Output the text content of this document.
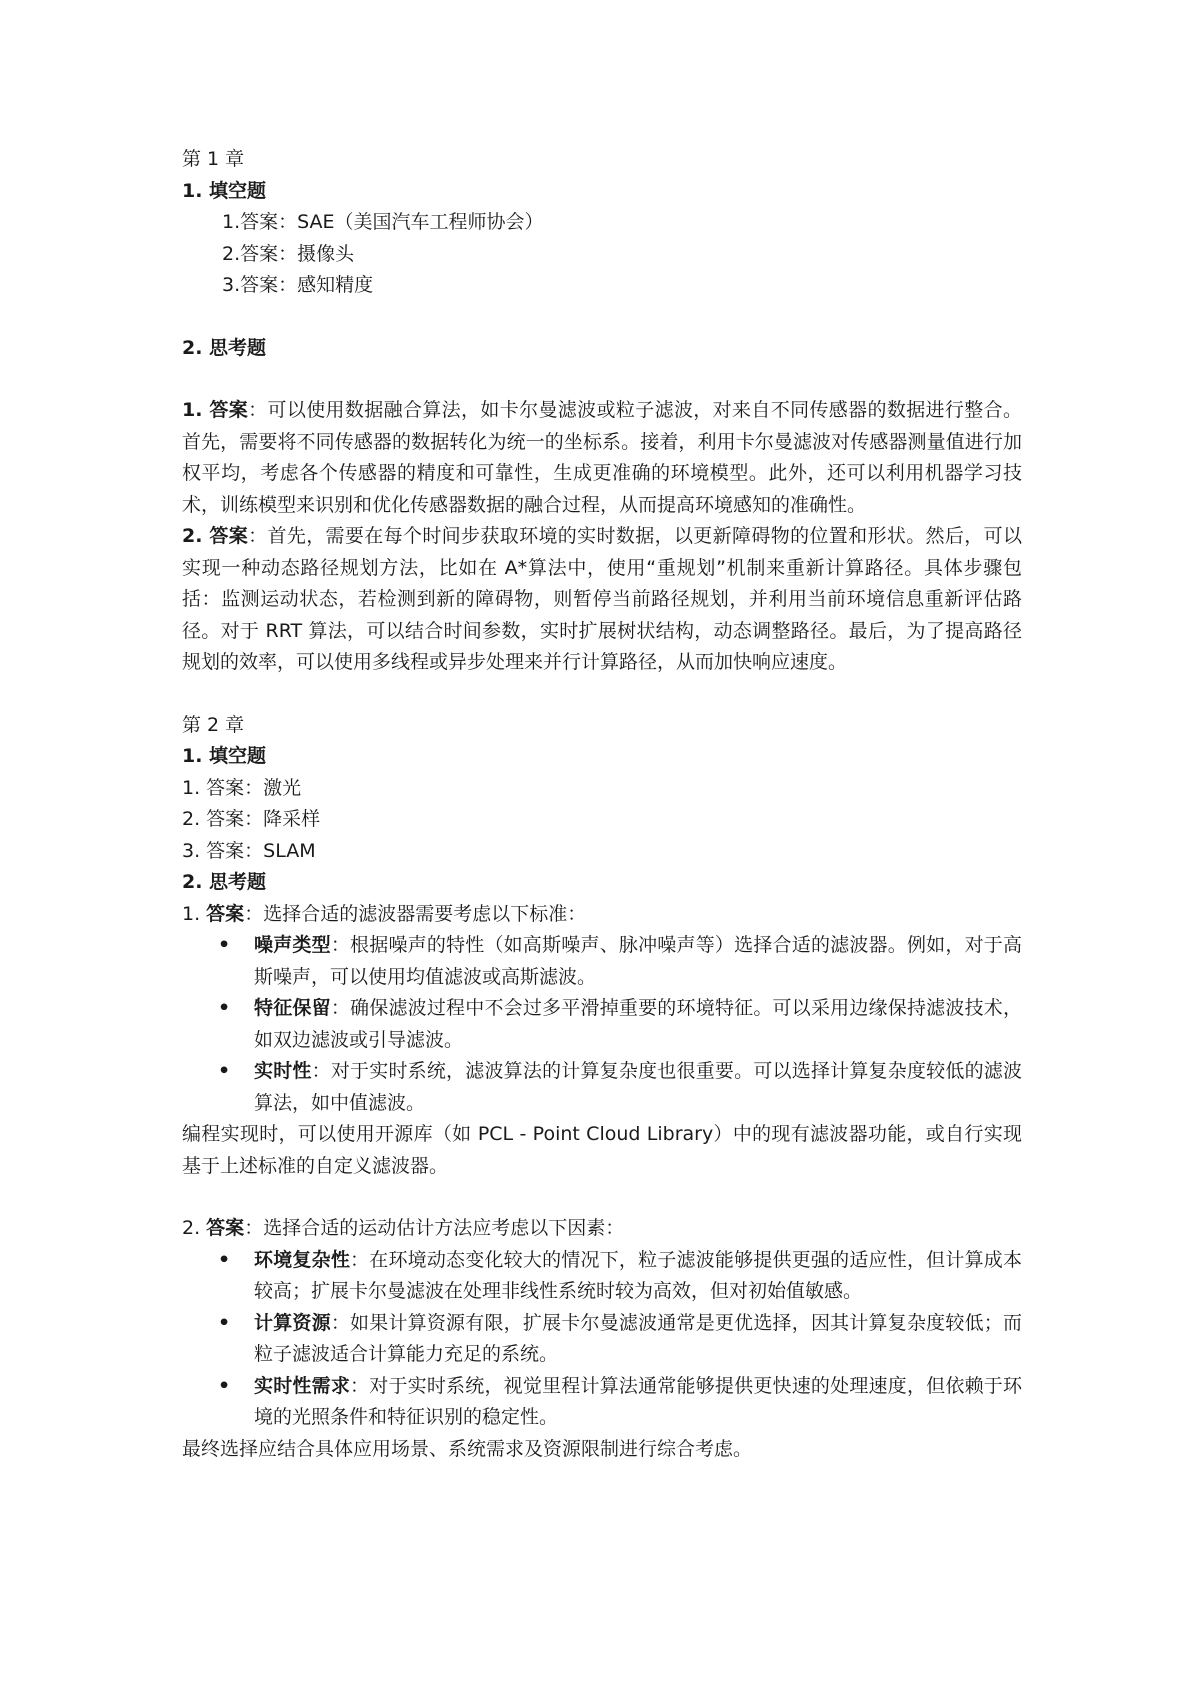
第 1 章
1. 填空题
1.答案：SAE（美国汽车工程师协会）
2.答案：摄像头
3.答案：感知精度
2. 思考题
1. 答案：可以使用数据融合算法，如卡尔曼滤波或粒子滤波，对来自不同传感器的数据进行整合。首先，需要将不同传感器的数据转化为统一的坐标系。接着，利用卡尔曼滤波对传感器测量值进行加权平均，考虑各个传感器的精度和可靠性，生成更准确的环境模型。此外，还可以利用机器学习技术，训练模型来识别和优化传感器数据的融合过程，从而提高环境感知的准确性。
2. 答案：首先，需要在每个时间步获取环境的实时数据，以更新障碍物的位置和形状。然后，可以实现一种动态路径规划方法，比如在 A*算法中，使用“重规划”机制来重新计算路径。具体步骤包括：监测运动状态，若检测到新的障碍物，则暂停当前路径规划，并利用当前环境信息重新评估路径。对于 RRT 算法，可以结合时间参数，实时扩展树状结构，动态调整路径。最后，为了提高路径规划的效率，可以使用多线程或异步处理来并行计算路径，从而加快响应速度。
第 2 章
1. 填空题
1. 答案：激光
2. 答案：降采样
3. 答案：SLAM
2. 思考题
1. 答案：选择合适的滤波器需要考虑以下标准：
• 噪声类型：根据噪声的特性（如高斯噪声、脉冲噪声等）选择合适的滤波器。例如，对于高斯噪声，可以使用均值滤波或高斯滤波。
• 特征保留：确保滤波过程中不会过多平滑掉重要的环境特征。可以采用边缘保持滤波技术，如双边滤波或引导滤波。
• 实时性：对于实时系统，滤波算法的计算复杂度也很重要。可以选择计算复杂度较低的滤波算法，如中值滤波。
编程实现时，可以使用开源库（如 PCL - Point Cloud Library）中的现有滤波器功能，或自行实现基于上述标准的自定义滤波器。
2. 答案：选择合适的运动估计方法应考虑以下因素：
• 环境复杂性：在环境动态变化较大的情况下，粒子滤波能够提供更强的适应性，但计算成本较高；扩展卡尔曼滤波在处理非线性系统时较为高效，但对初始值敏感。
• 计算资源：如果计算资源有限，扩展卡尔曼滤波通常是更优选择，因其计算复杂度较低；而粒子滤波适合计算能力充足的系统。
• 实时性需求：对于实时系统，视觉里程计算法通常能够提供更快速的处理速度，但依赖于环境的光照条件和特征识别的稳定性。
最终选择应结合具体应用场景、系统需求及资源限制进行综合考虑。
